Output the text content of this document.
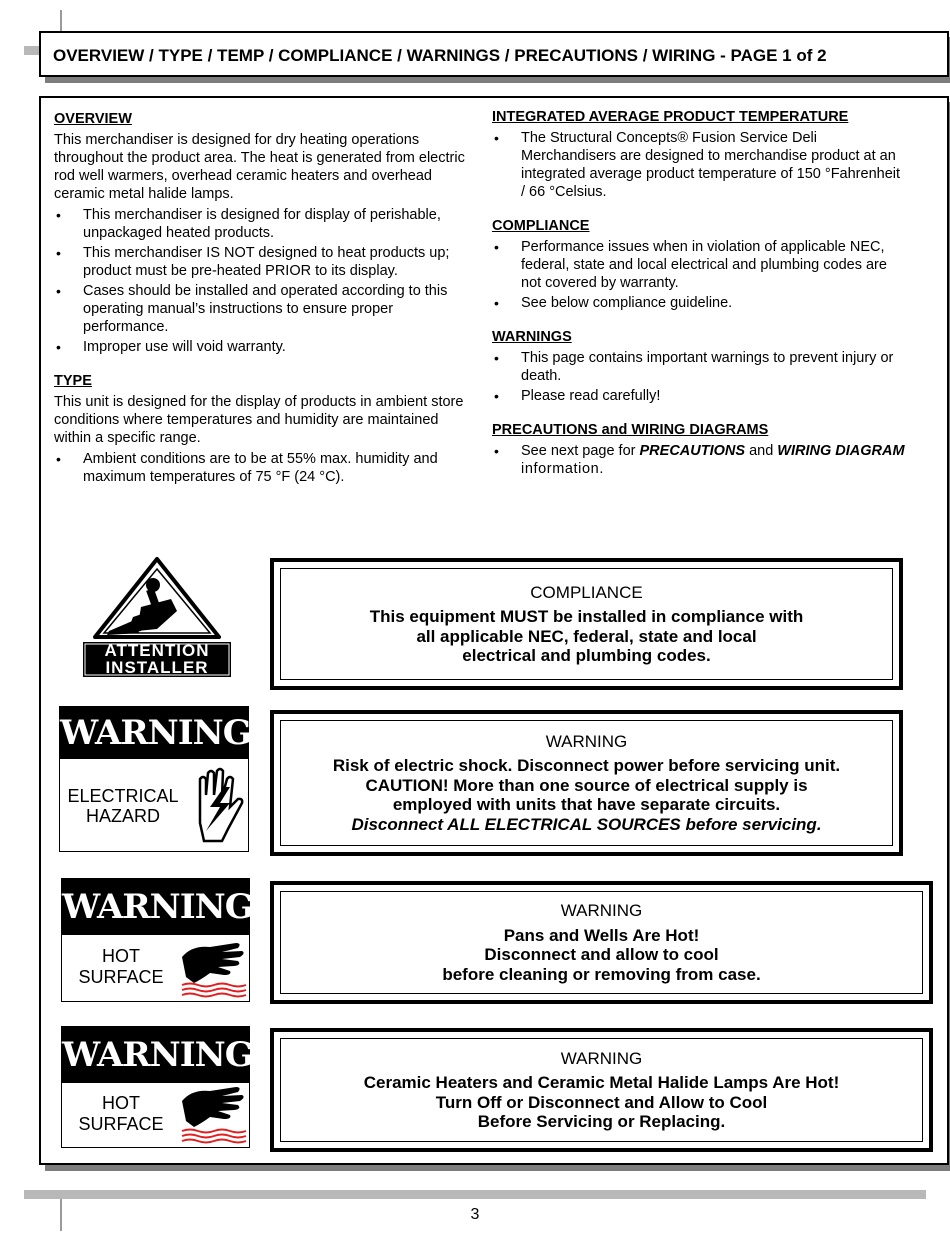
OVERVIEW / TYPE / TEMP / COMPLIANCE / WARNINGS / PRECAUTIONS / WIRING - PAGE 1 of 2
OVERVIEW
This merchandiser is designed for dry heating operations throughout the product area. The heat is generated from electric rod well warmers, overhead ceramic heaters and overhead ceramic metal halide lamps.
• This merchandiser is designed for display of perishable, unpackaged heated products.
• This merchandiser IS NOT designed to heat products up; product must be pre-heated PRIOR to its display.
• Cases should be installed and operated according to this operating manual’s instructions to ensure proper performance.
• Improper use will void warranty.
TYPE
This unit is designed for the display of products in ambient store conditions where temperatures and humidity are maintained within a specific range.
• Ambient conditions are to be at 55% max. humidity and maximum temperatures of 75 °F (24 °C).
INTEGRATED AVERAGE PRODUCT TEMPERATURE
• The Structural Concepts® Fusion Service Deli Merchandisers are designed to merchandise product at an integrated average product temperature of 150 °Fahrenheit / 66 °Celsius.
COMPLIANCE
• Performance issues when in violation of applicable NEC, federal, state and local electrical and plumbing codes are not covered by warranty.
• See below compliance guideline.
WARNINGS
• This page contains important warnings to prevent injury or death.
• Please read carefully!
PRECAUTIONS and WIRING DIAGRAMS
• See next page for PRECAUTIONS and WIRING DIAGRAM information.
ATTENTION
INSTALLER
COMPLIANCE
This equipment MUST be installed in compliance with
all applicable NEC, federal, state and local
electrical and plumbing codes.
WARNING
ELECTRICAL
HAZARD
WARNING
Risk of electric shock. Disconnect power before servicing unit.
CAUTION! More than one source of electrical supply is
employed with units that have separate circuits.
Disconnect ALL ELECTRICAL SOURCES before servicing.
WARNING
HOT
SURFACE
WARNING
Pans and Wells Are Hot!
Disconnect and allow to cool
before cleaning or removing from case.
WARNING
HOT
SURFACE
WARNING
Ceramic Heaters and Ceramic Metal Halide Lamps Are Hot!
Turn Off or Disconnect and Allow to Cool
Before Servicing or Replacing.
3
